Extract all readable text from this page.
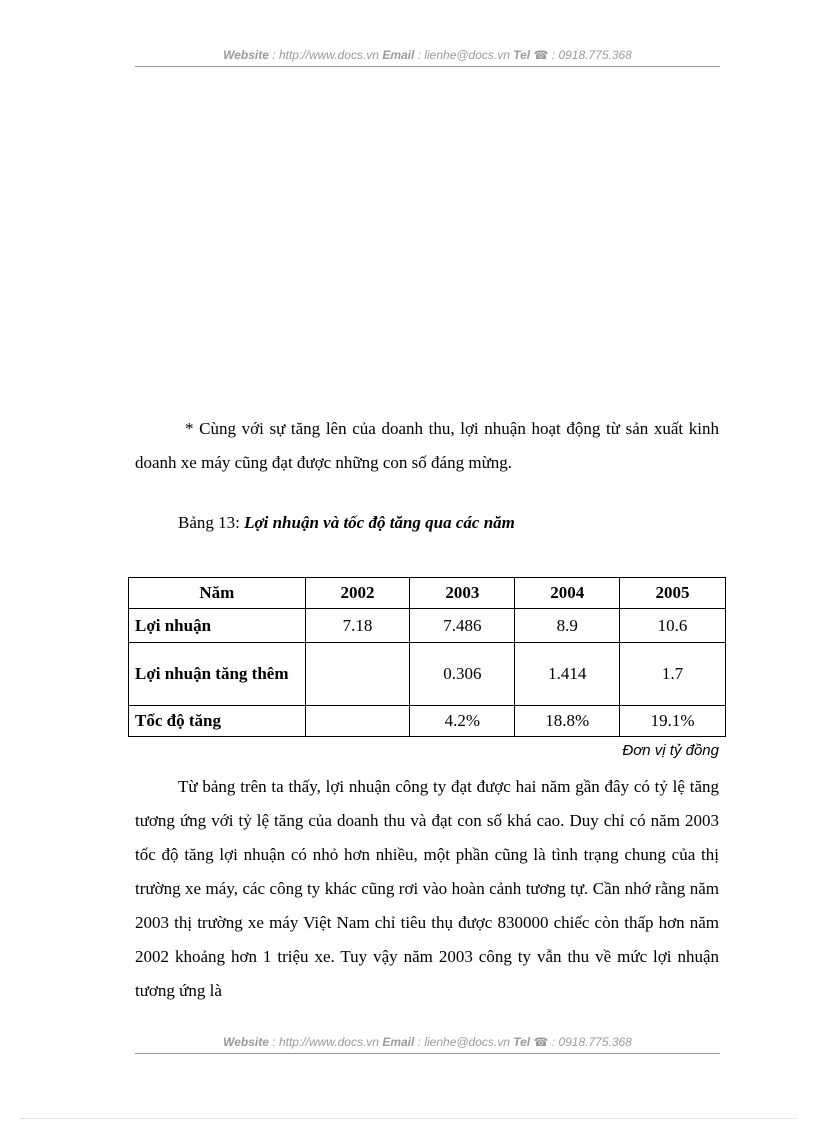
Website : http://www.docs.vn Email : lienhe@docs.vn Tel ☎ : 0918.775.368
* Cùng với sự tăng lên của doanh thu, lợi nhuận hoạt động từ sản xuất kinh doanh xe máy cũng đạt được những con số đáng mừng.
Bảng 13: Lợi nhuận và tốc độ tăng qua các năm
Năm	2002	2003	2004	2005
Lợi nhuận	7.18	7.486	8.9	10.6
Lợi nhuận tăng thêm		0.306	1.414	1.7
Tốc độ tăng		4.2%	18.8%	19.1%
Đơn vị tỷ đồng
Từ bảng trên ta thấy, lợi nhuận công ty đạt được hai năm gần đây có tỷ lệ tăng tương ứng với tỷ lệ tăng của doanh thu và đạt con số khá cao. Duy chỉ có năm 2003 tốc độ tăng lợi nhuận có nhỏ hơn nhiều, một phần cũng là tình trạng chung của thị trường xe máy, các công ty khác cũng rơi vào hoàn cảnh tương tự. Cần nhớ rằng năm 2003 thị trường xe máy Việt Nam chỉ tiêu thụ được 830000 chiếc còn thấp hơn năm 2002 khoảng hơn 1 triệu xe. Tuy vậy năm 2003 công ty vẫn thu về mức lợi nhuận tương ứng là
Website : http://www.docs.vn Email : lienhe@docs.vn Tel ☎ : 0918.775.368
